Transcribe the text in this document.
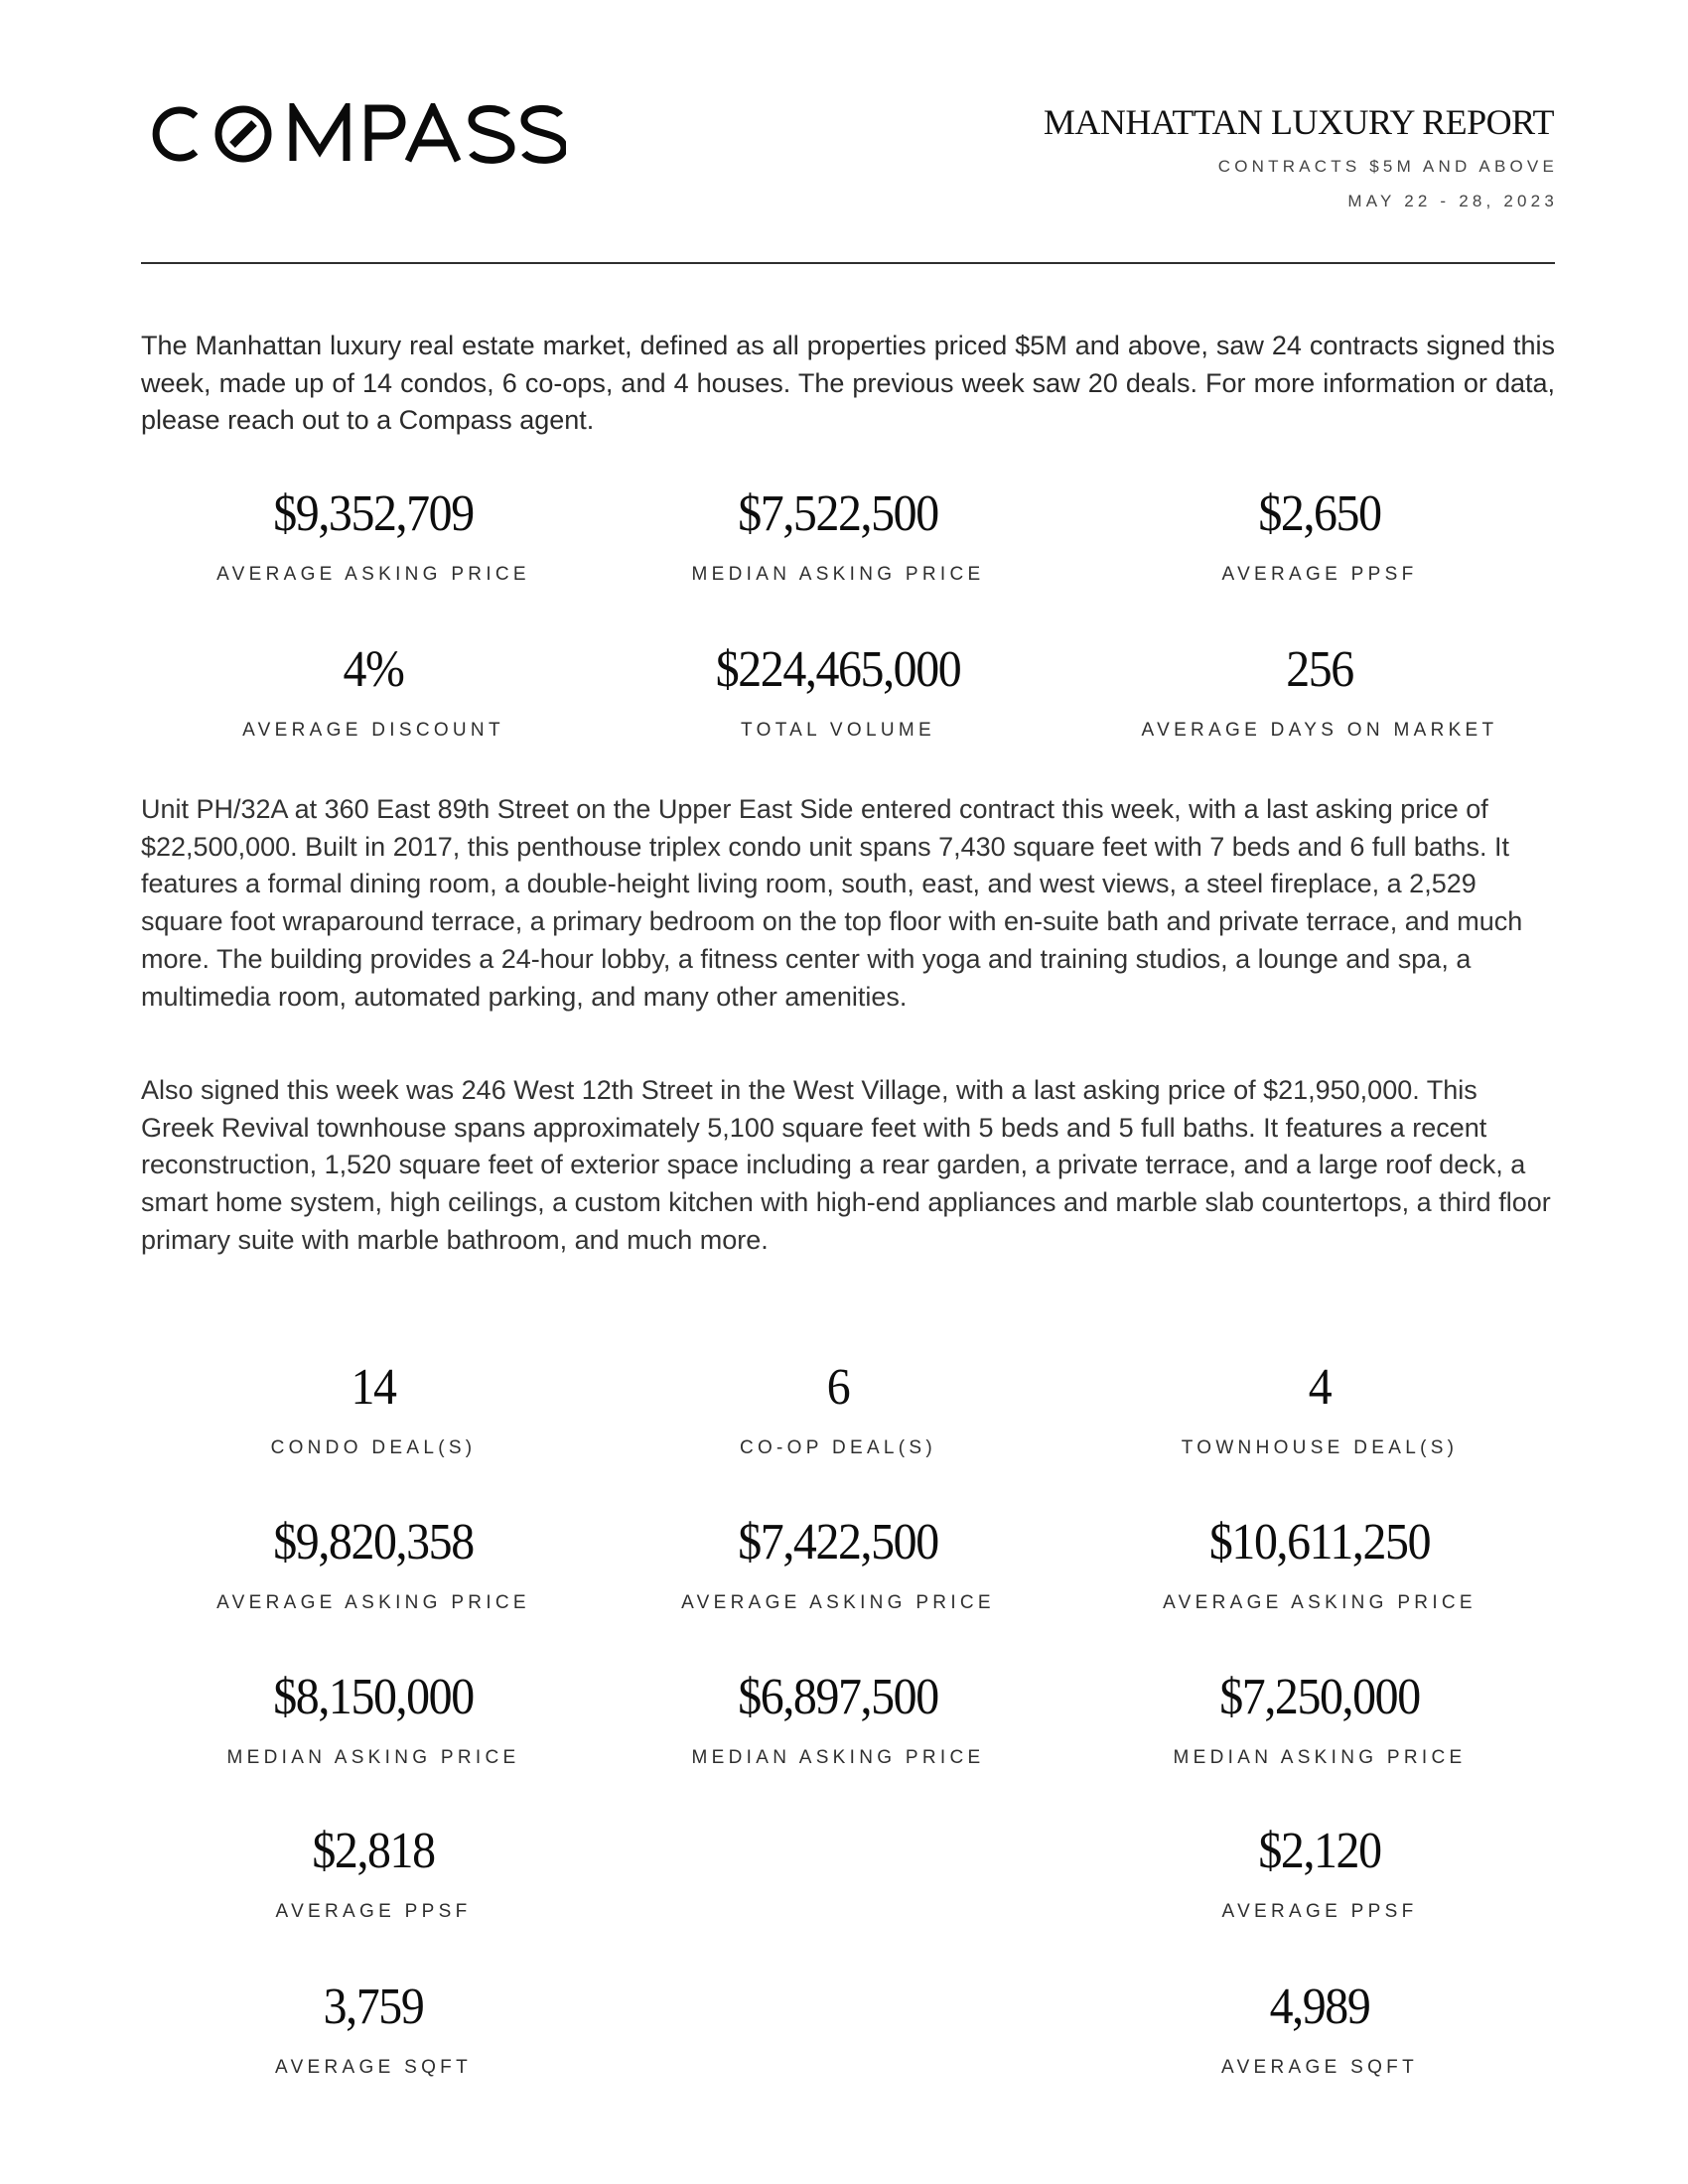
MANHATTAN LUXURY REPORT
CONTRACTS $5M AND ABOVE
MAY 22 - 28, 2023
The Manhattan luxury real estate market, defined as all properties priced $5M and above, saw 24 contracts signed this week, made up of 14 condos, 6 co-ops, and 4 houses. The previous week saw 20 deals. For more information or data, please reach out to a Compass agent.
$9,352,709
AVERAGE ASKING PRICE
$7,522,500
MEDIAN ASKING PRICE
$2,650
AVERAGE PPSF
4%
AVERAGE DISCOUNT
$224,465,000
TOTAL VOLUME
256
AVERAGE DAYS ON MARKET
Unit PH/32A at 360 East 89th Street on the Upper East Side entered contract this week, with a last asking price of $22,500,000. Built in 2017, this penthouse triplex condo unit spans 7,430 square feet with 7 beds and 6 full baths. It features a formal dining room, a double-height living room, south, east, and west views, a steel fireplace, a 2,529 square foot wraparound terrace, a primary bedroom on the top floor with en-suite bath and private terrace, and much more. The building provides a 24-hour lobby, a fitness center with yoga and training studios, a lounge and spa, a multimedia room, automated parking, and many other amenities.
Also signed this week was 246 West 12th Street in the West Village, with a last asking price of $21,950,000. This Greek Revival townhouse spans approximately 5,100 square feet with 5 beds and 5 full baths. It features a recent reconstruction, 1,520 square feet of exterior space including a rear garden, a private terrace, and a large roof deck, a smart home system, high ceilings, a custom kitchen with high-end appliances and marble slab countertops, a third floor primary suite with marble bathroom, and much more.
14
CONDO DEAL(S)
$9,820,358
AVERAGE ASKING PRICE
$8,150,000
MEDIAN ASKING PRICE
$2,818
AVERAGE PPSF
3,759
AVERAGE SQFT
6
CO-OP DEAL(S)
$7,422,500
AVERAGE ASKING PRICE
$6,897,500
MEDIAN ASKING PRICE
4
TOWNHOUSE DEAL(S)
$10,611,250
AVERAGE ASKING PRICE
$7,250,000
MEDIAN ASKING PRICE
$2,120
AVERAGE PPSF
4,989
AVERAGE SQFT
